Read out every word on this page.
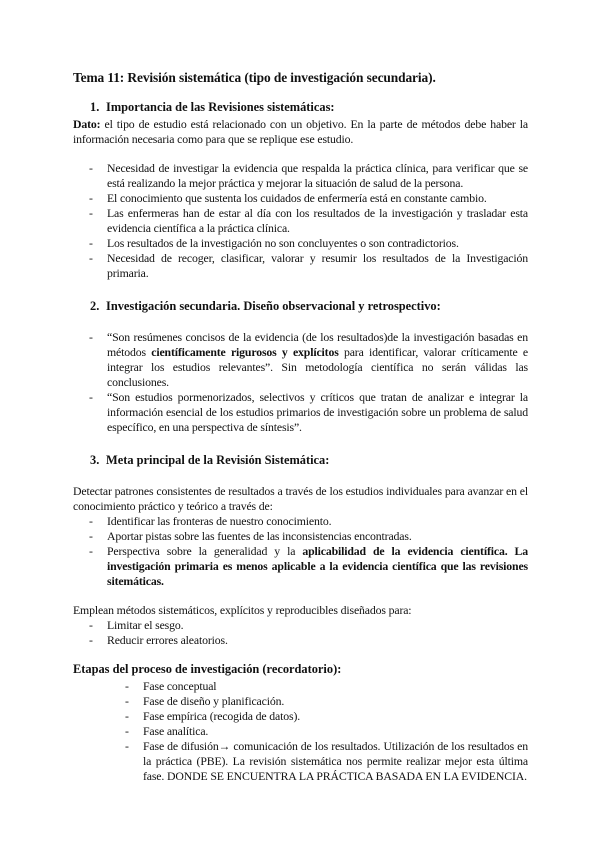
Tema 11: Revisión sistemática (tipo de investigación secundaria).

1. Importancia de las Revisiones sistemáticas:

Dato: el tipo de estudio está relacionado con un objetivo. En la parte de métodos debe haber la información necesaria como para que se replique ese estudio.

- Necesidad de investigar la evidencia que respalda la práctica clínica, para verificar que se está realizando la mejor práctica y mejorar la situación de salud de la persona.
- El conocimiento que sustenta los cuidados de enfermería está en constante cambio.
- Las enfermeras han de estar al día con los resultados de la investigación y trasladar esta evidencia científica a la práctica clínica.
- Los resultados de la investigación no son concluyentes o son contradictorios.
- Necesidad de recoger, clasificar, valorar y resumir los resultados de la Investigación primaria.

2. Investigación secundaria. Diseño observacional y retrospectivo:

- “Son resúmenes concisos de la evidencia (de los resultados)de la investigación basadas en métodos científicamente rigurosos y explícitos para identificar, valorar críticamente e integrar los estudios relevantes”. Sin metodología científica no serán válidas las conclusiones.
- “Son estudios pormenorizados, selectivos y críticos que tratan de analizar e integrar la información esencial de los estudios primarios de investigación sobre un problema de salud específico, en una perspectiva de síntesis”.

3. Meta principal de la Revisión Sistemática:

Detectar patrones consistentes de resultados a través de los estudios individuales para avanzar en el conocimiento práctico y teórico a través de:

- Identificar las fronteras de nuestro conocimiento.
- Aportar pistas sobre las fuentes de las inconsistencias encontradas.
- Perspectiva sobre la generalidad y la aplicabilidad de la evidencia científica. La investigación primaria es menos aplicable a la evidencia científica que las revisiones sitemáticas.

Emplean métodos sistemáticos, explícitos y reproducibles diseñados para:

- Limitar el sesgo.
- Reducir errores aleatorios.

Etapas del proceso de investigación (recordatorio):

- Fase conceptual
- Fase de diseño y planificación.
- Fase empírica (recogida de datos).
- Fase analítica.
- Fase de difusión→ comunicación de los resultados. Utilización de los resultados en la práctica (PBE). La revisión sistemática nos permite realizar mejor esta última fase. DONDE SE ENCUENTRA LA PRÁCTICA BASADA EN LA EVIDENCIA.
